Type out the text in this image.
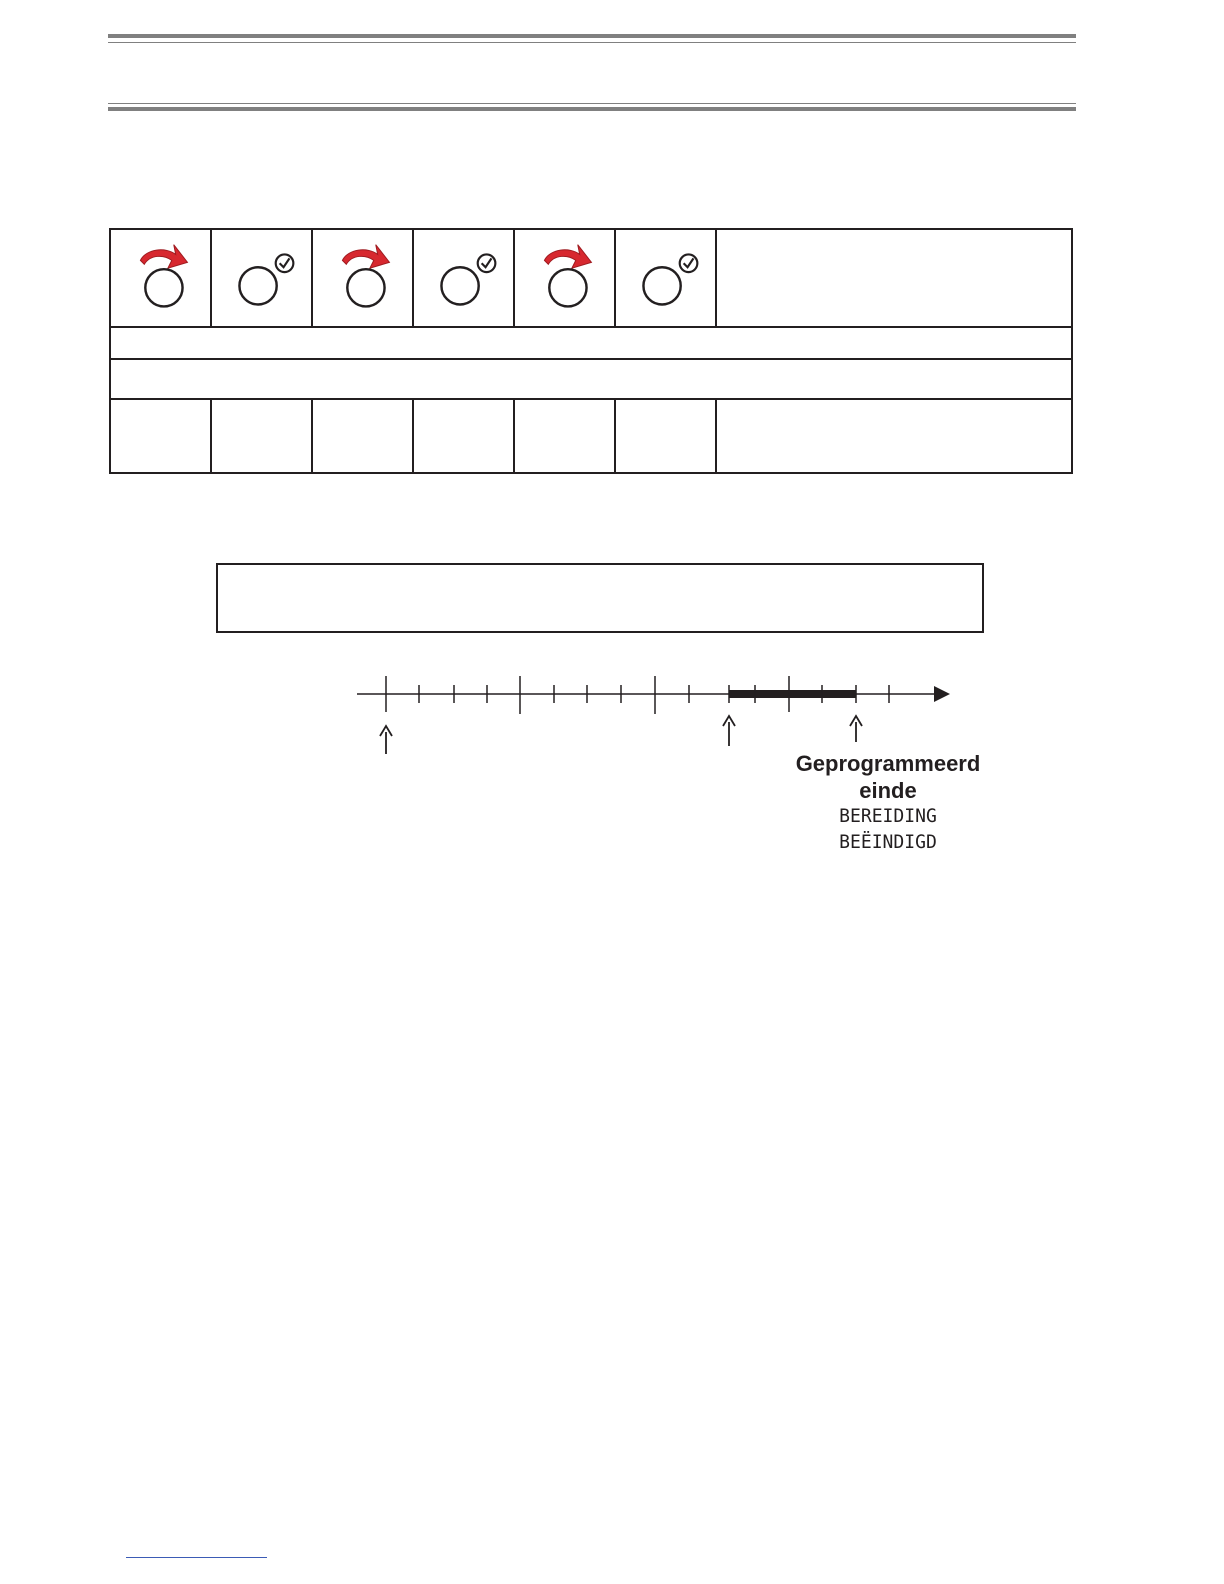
Geprogrammeerd
einde
BEREIDING
BEËINDIGD
